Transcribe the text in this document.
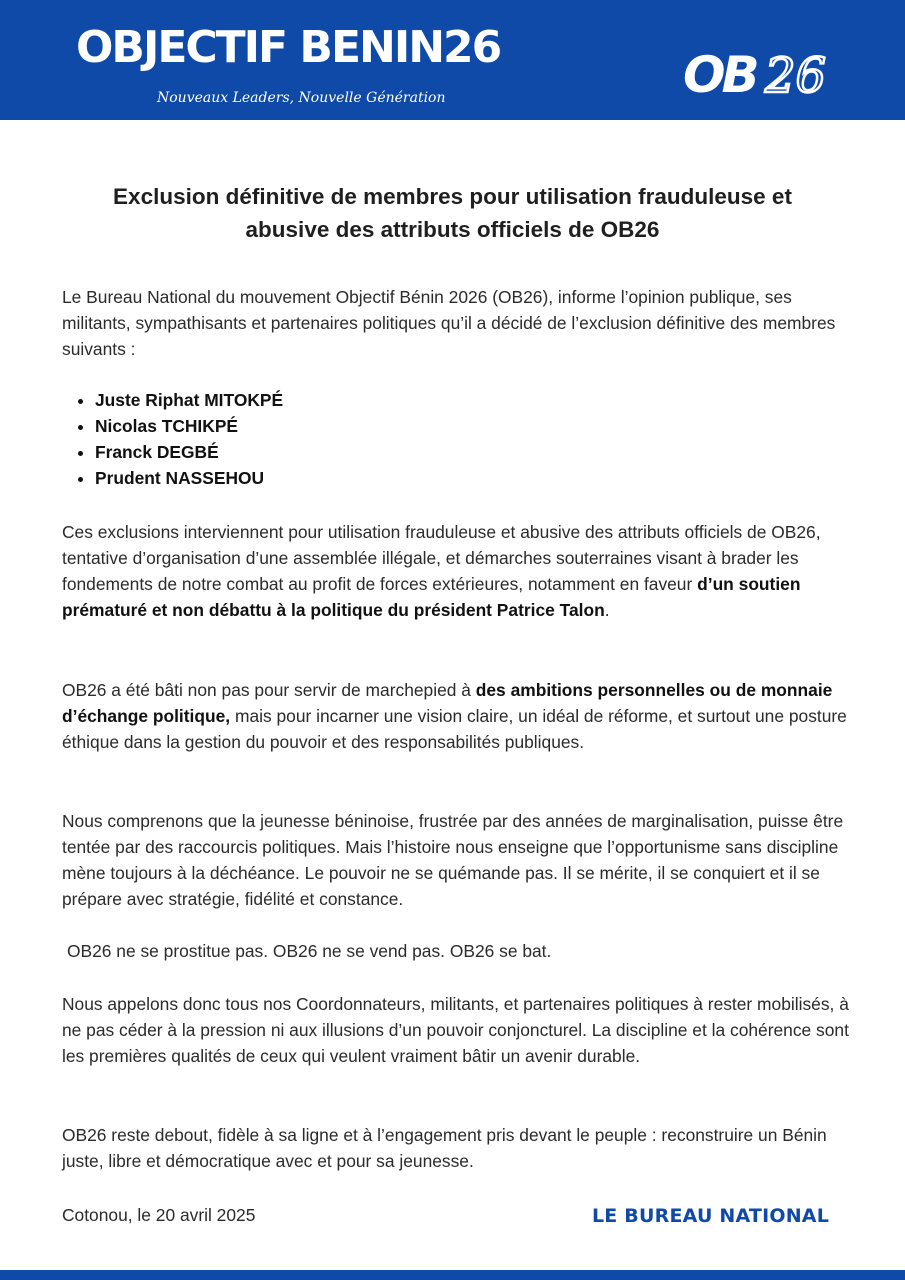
OBJECTIF BENIN26
Nouveaux Leaders, Nouvelle Génération	OB 26
Exclusion définitive de membres pour utilisation frauduleuse et
abusive des attributs officiels de OB26

Le Bureau National du mouvement Objectif Bénin 2026 (OB26), informe l’opinion publique, ses militants, sympathisants et partenaires politiques qu’il a décidé de l’exclusion définitive des membres suivants :

• Juste Riphat MITOKPÉ
• Nicolas TCHIKPÉ
• Franck DEGBÉ
• Prudent NASSEHOU

Ces exclusions interviennent pour utilisation frauduleuse et abusive des attributs officiels de OB26, tentative d’organisation d’une assemblée illégale, et démarches souterraines visant à brader les fondements de notre combat au profit de forces extérieures, notamment en faveur d’un soutien prématuré et non débattu à la politique du président Patrice Talon.

OB26 a été bâti non pas pour servir de marchepied à des ambitions personnelles ou de monnaie d’échange politique, mais pour incarner une vision claire, un idéal de réforme, et surtout une posture éthique dans la gestion du pouvoir et des responsabilités publiques.

Nous comprenons que la jeunesse béninoise, frustrée par des années de marginalisation, puisse être tentée par des raccourcis politiques. Mais l’histoire nous enseigne que l’opportunisme sans discipline mène toujours à la déchéance. Le pouvoir ne se quémande pas. Il se mérite, il se conquiert et il se prépare avec stratégie, fidélité et constance.

OB26 ne se prostitue pas. OB26 ne se vend pas. OB26 se bat.

Nous appelons donc tous nos Coordonnateurs, militants, et partenaires politiques à rester mobilisés, à ne pas céder à la pression ni aux illusions d’un pouvoir conjoncturel. La discipline et la cohérence sont les premières qualités de ceux qui veulent vraiment bâtir un avenir durable.

OB26 reste debout, fidèle à sa ligne et à l’engagement pris devant le peuple : reconstruire un Bénin juste, libre et démocratique avec et pour sa jeunesse.

Cotonou, le 20 avril 2025	LE BUREAU NATIONAL
